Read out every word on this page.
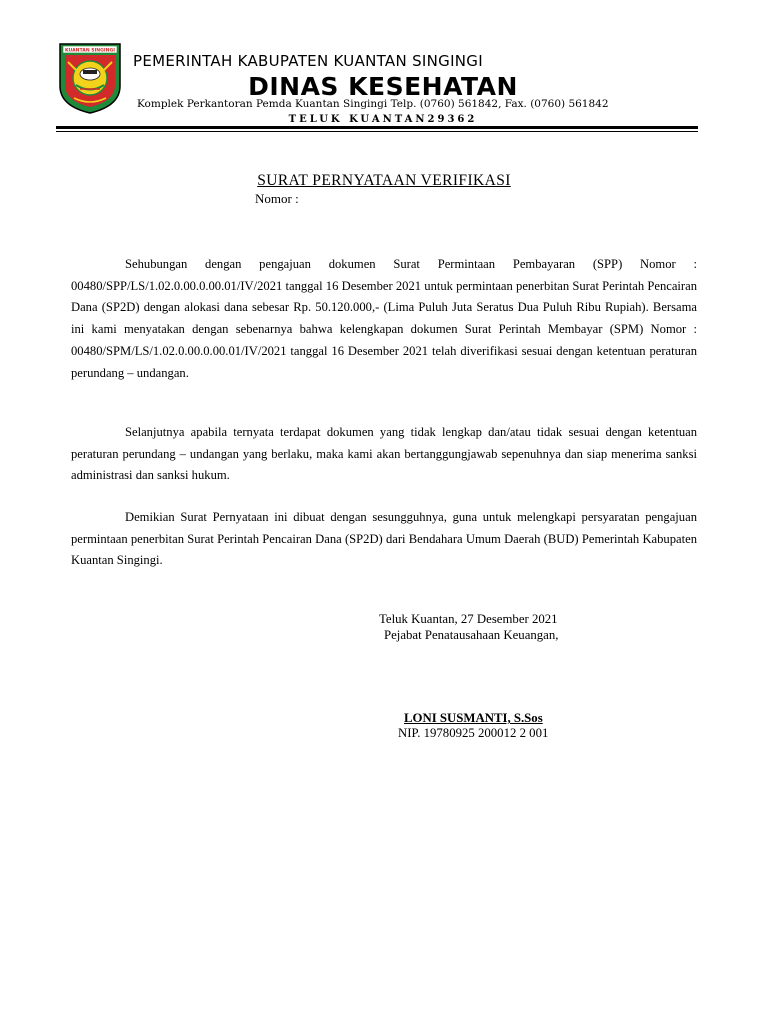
KUANTAN SINGINGI
PEMERINTAH KABUPATEN KUANTAN SINGINGI
DINAS KESEHATAN
Komplek Perkantoran Pemda Kuantan Singingi Telp. (0760) 561842, Fax. (0760) 561842
TELUK KUANTAN29362
SURAT PERNYATAAN VERIFIKASI
Nomor :
Sehubungan dengan pengajuan dokumen Surat Permintaan Pembayaran (SPP) Nomor : 00480/SPP/LS/1.02.0.00.0.00.01/IV/2021 tanggal 16 Desember 2021 untuk permintaan penerbitan Surat Perintah Pencairan Dana (SP2D) dengan alokasi dana sebesar Rp. 50.120.000,- (Lima Puluh Juta Seratus Dua Puluh Ribu Rupiah). Bersama ini kami menyatakan dengan sebenarnya bahwa kelengkapan dokumen Surat Perintah Membayar (SPM) Nomor : 00480/SPM/LS/1.02.0.00.0.00.01/IV/2021 tanggal 16 Desember 2021 telah diverifikasi sesuai dengan ketentuan peraturan perundang – undangan.
Selanjutnya apabila ternyata terdapat dokumen yang tidak lengkap dan/atau tidak sesuai dengan ketentuan peraturan perundang – undangan yang berlaku, maka kami akan bertanggungjawab sepenuhnya dan siap menerima sanksi administrasi dan sanksi hukum.
Demikian Surat Pernyataan ini dibuat dengan sesungguhnya, guna untuk melengkapi persyaratan pengajuan permintaan penerbitan Surat Perintah Pencairan Dana (SP2D) dari Bendahara Umum Daerah (BUD) Pemerintah Kabupaten Kuantan Singingi.
Teluk Kuantan, 27 Desember 2021
Pejabat Penatausahaan Keuangan,
LONI SUSMANTI, S.Sos
NIP. 19780925 200012 2 001
